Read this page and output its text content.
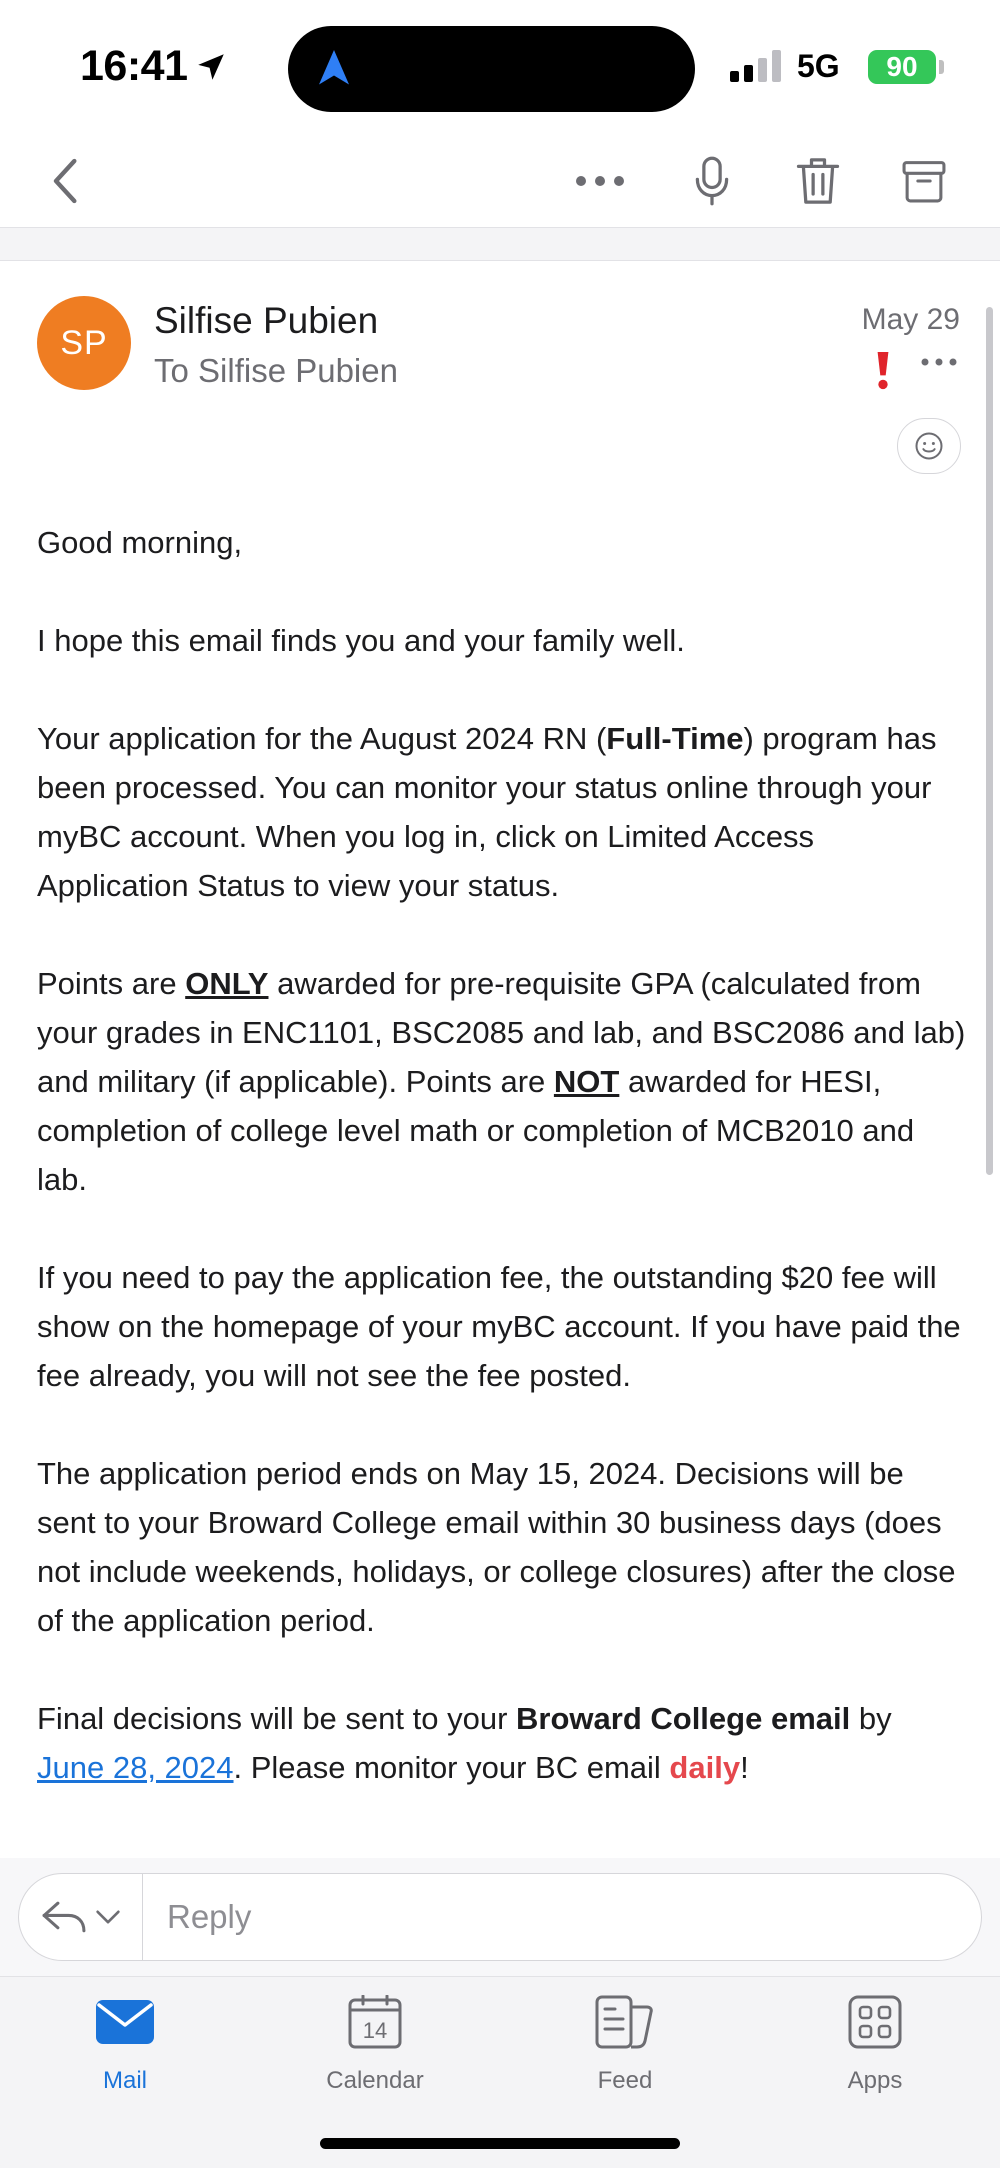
16:41	5G	90
SP
Silfise Pubien
To Silfise Pubien
May 29

Good morning,

I hope this email finds you and your family well.

Your application for the August 2024 RN (Full-Time) program has been processed. You can monitor your status online through your myBC account. When you log in, click on Limited Access Application Status to view your status.

Points are ONLY awarded for pre-requisite GPA (calculated from your grades in ENC1101, BSC2085 and lab, and BSC2086 and lab) and military (if applicable). Points are NOT awarded for HESI, completion of college level math or completion of MCB2010 and lab.

If you need to pay the application fee, the outstanding $20 fee will show on the homepage of your myBC account. If you have paid the fee already, you will not see the fee posted.

The application period ends on May 15, 2024. Decisions will be sent to your Broward College email within 30 business days (does not include weekends, holidays, or college closures) after the close of the application period.

Final decisions will be sent to your Broward College email by June 28, 2024. Please monitor your BC email daily!

Reply
Mail
14
Calendar	Feed	Apps
